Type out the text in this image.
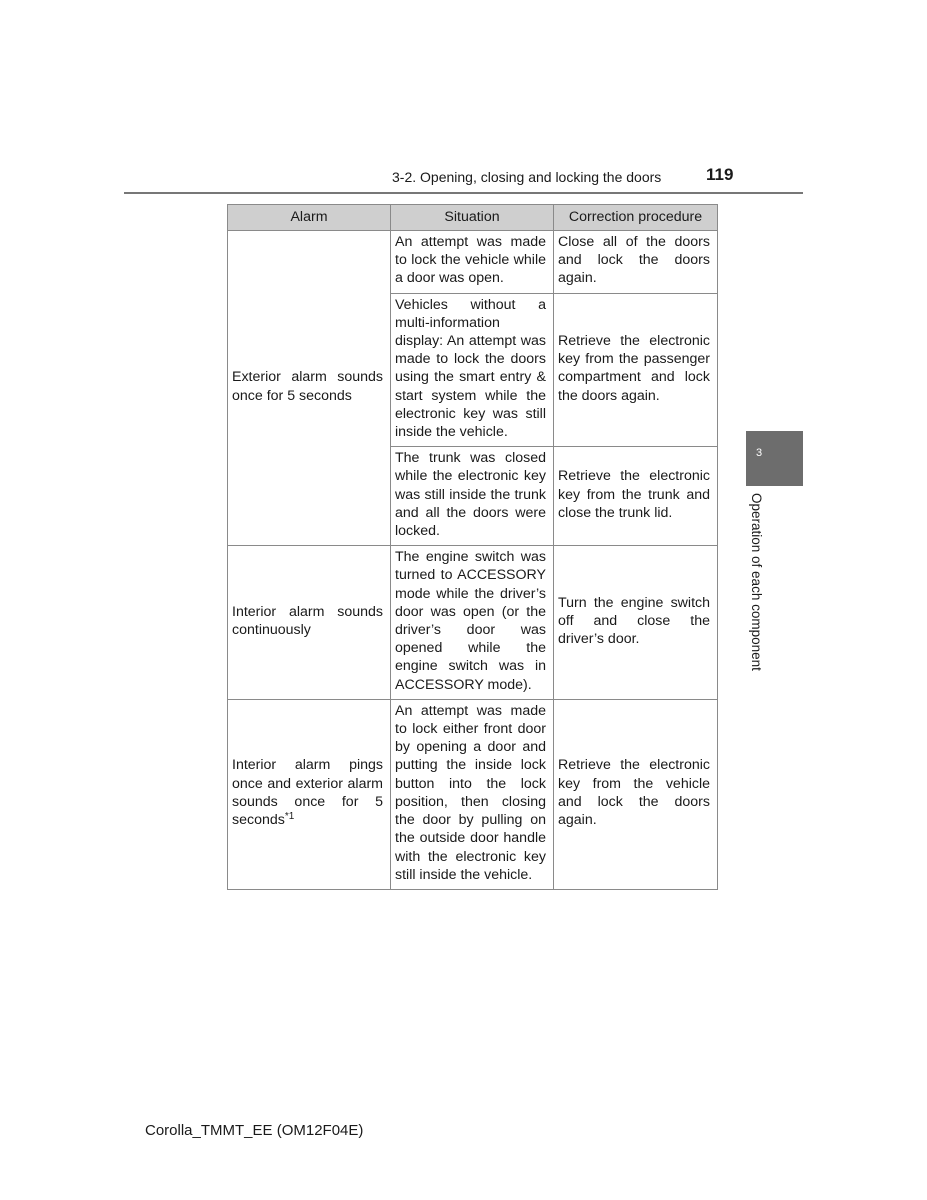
3-2. Opening, closing and locking the doors	119
3
Operation of each component
Alarm	Situation	Correction procedure
Exterior alarm sounds once for 5 seconds	An attempt was made to lock the vehicle while a door was open.	Close all of the doors and lock the doors again.
	Vehicles without a multi-information display: An attempt was made to lock the doors using the smart entry & start system while the electronic key was still inside the vehicle.	Retrieve the electronic key from the passenger compartment and lock the doors again.
	The trunk was closed while the electronic key was still inside the trunk and all the doors were locked.	Retrieve the electronic key from the trunk and close the trunk lid.
Interior alarm sounds continuously	The engine switch was turned to ACCESSORY mode while the driver’s door was open (or the driver’s door was opened while the engine switch was in ACCESSORY mode).	Turn the engine switch off and close the driver’s door.
Interior alarm pings once and exterior alarm sounds once for 5 seconds$^{*1}$	An attempt was made to lock either front door by opening a door and putting the inside lock button into the lock position, then closing the door by pulling on the outside door handle with the electronic key still inside the vehicle.	Retrieve the electronic key from the vehicle and lock the doors again.
Corolla_TMMT_EE (OM12F04E)
